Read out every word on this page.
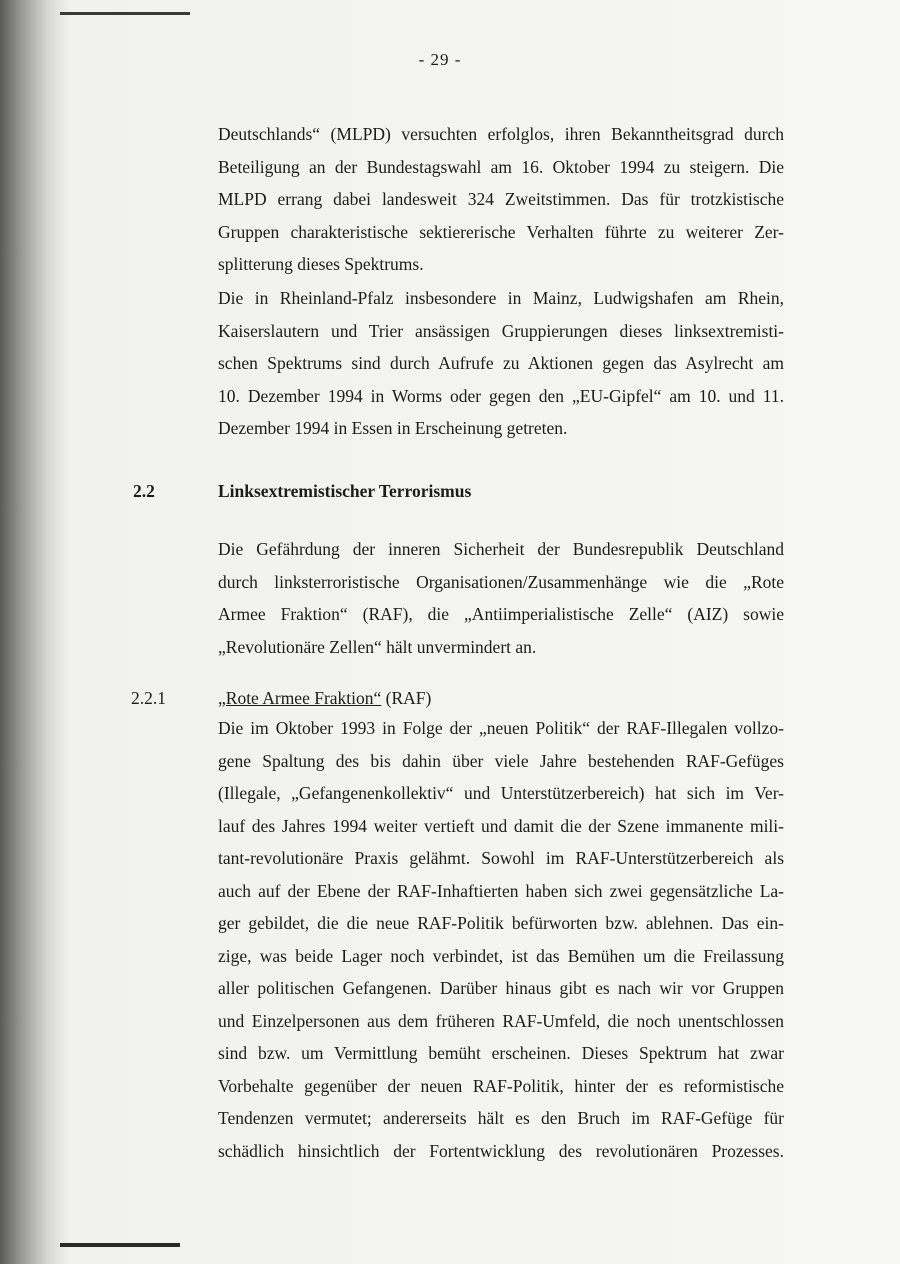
- 29 -
Deutschlands“ (MLPD) versuchten erfolglos, ihren Bekanntheitsgrad durch
Beteiligung an der Bundestagswahl am 16. Oktober 1994 zu steigern. Die
MLPD errang dabei landesweit 324 Zweitstimmen. Das für trotzkistische
Gruppen charakteristische sektiererische Verhalten führte zu weiterer Zer-
splitterung dieses Spektrums.
Die in Rheinland-Pfalz insbesondere in Mainz, Ludwigshafen am Rhein,
Kaiserslautern und Trier ansässigen Gruppierungen dieses linksextremisti-
schen Spektrums sind durch Aufrufe zu Aktionen gegen das Asylrecht am
10. Dezember 1994 in Worms oder gegen den „EU-Gipfel“ am 10. und 11.
Dezember 1994 in Essen in Erscheinung getreten.
2.2	Linksextremistischer Terrorismus
Die Gefährdung der inneren Sicherheit der Bundesrepublik Deutschland
durch linksterroristische Organisationen/Zusammenhänge wie die „Rote
Armee Fraktion“ (RAF), die „Antiimperialistische Zelle“ (AIZ) sowie
„Revolutionäre Zellen“ hält unvermindert an.
2.2.1	„Rote Armee Fraktion“ (RAF)
Die im Oktober 1993 in Folge der „neuen Politik“ der RAF-Illegalen vollzo-
gene Spaltung des bis dahin über viele Jahre bestehenden RAF-Gefüges
(Illegale, „Gefangenenkollektiv“ und Unterstützerbereich) hat sich im Ver-
lauf des Jahres 1994 weiter vertieft und damit die der Szene immanente mili-
tant-revolutionäre Praxis gelähmt. Sowohl im RAF-Unterstützerbereich als
auch auf der Ebene der RAF-Inhaftierten haben sich zwei gegensätzliche La-
ger gebildet, die die neue RAF-Politik befürworten bzw. ablehnen. Das ein-
zige, was beide Lager noch verbindet, ist das Bemühen um die Freilassung
aller politischen Gefangenen. Darüber hinaus gibt es nach wir vor Gruppen
und Einzelpersonen aus dem früheren RAF-Umfeld, die noch unentschlossen
sind bzw. um Vermittlung bemüht erscheinen. Dieses Spektrum hat zwar
Vorbehalte gegenüber der neuen RAF-Politik, hinter der es reformistische
Tendenzen vermutet; andererseits hält es den Bruch im RAF-Gefüge für
schädlich hinsichtlich der Fortentwicklung des revolutionären Prozesses.
